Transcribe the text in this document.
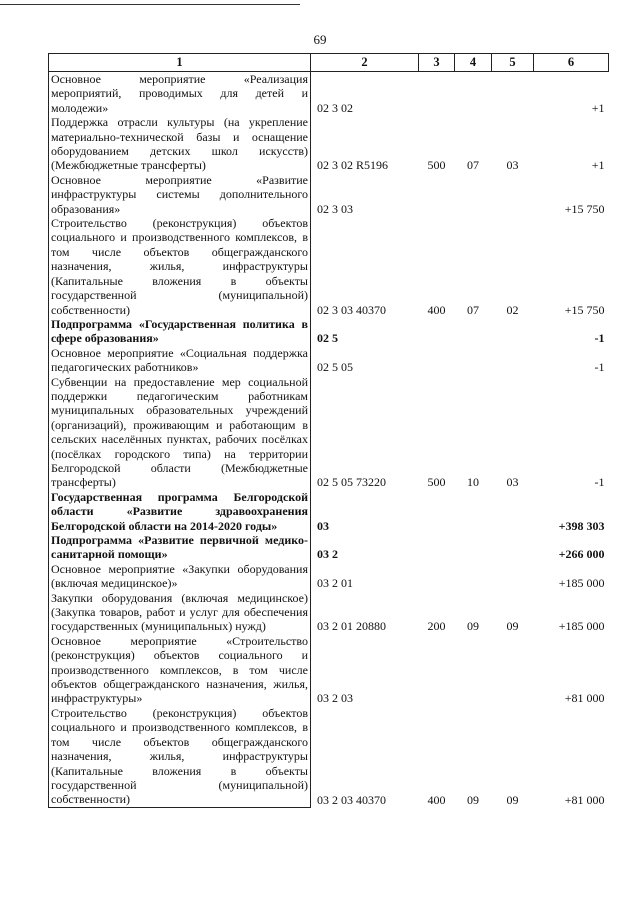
69
1	2	3	4	5	6

Основное мероприятие «Реализация мероприятий, проводимых для детей и молодежи»	02 3 02				+1

Поддержка отрасли культуры (на укрепление материально-технической базы и оснащение оборудованием детских школ искусств) (Межбюджетные трансферты)	02 3 02 R5196	500	07	03	+1

Основное мероприятие «Развитие инфраструктуры системы дополнительного образования»	02 3 03				+15 750

Строительство (реконструкция) объектов социального и производственного комплексов, в том числе объектов общегражданского назначения, жилья, инфраструктуры (Капитальные вложения в объекты государственной (муниципальной) собственности)	02 3 03 40370	400	07	02	+15 750

Подпрограмма «Государственная политика в сфере образования»	02 5				-1

Основное мероприятие «Социальная поддержка педагогических работников»	02 5 05				-1

Субвенции на предоставление мер социальной поддержки педагогическим работникам муниципальных образовательных учреждений (организаций), проживающим и работающим в сельских населённых пунктах, рабочих посёлках (посёлках городского типа) на территории Белгородской области (Межбюджетные трансферты)	02 5 05 73220	500	10	03	-1

Государственная программа Белгородской области «Развитие здравоохранения Белгородской области на 2014-2020 годы»	03				+398 303

Подпрограмма «Развитие первичной медико-санитарной помощи»	03 2				+266 000

Основное мероприятие «Закупки оборудования (включая медицинское)»	03 2 01				+185 000

Закупки оборудования (включая медицинское) (Закупка товаров, работ и услуг для обеспечения государственных (муниципальных) нужд)	03 2 01 20880	200	09	09	+185 000

Основное мероприятие «Строительство (реконструкция) объектов социального и производственного комплексов, в том числе объектов общегражданского назначения, жилья, инфраструктуры»	03 2 03				+81 000

Строительство (реконструкция) объектов социального и производственного комплексов, в том числе объектов общегражданского назначения, жилья, инфраструктуры (Капитальные вложения в объекты государственной (муниципальной) собственности)	03 2 03 40370	400	09	09	+81 000
